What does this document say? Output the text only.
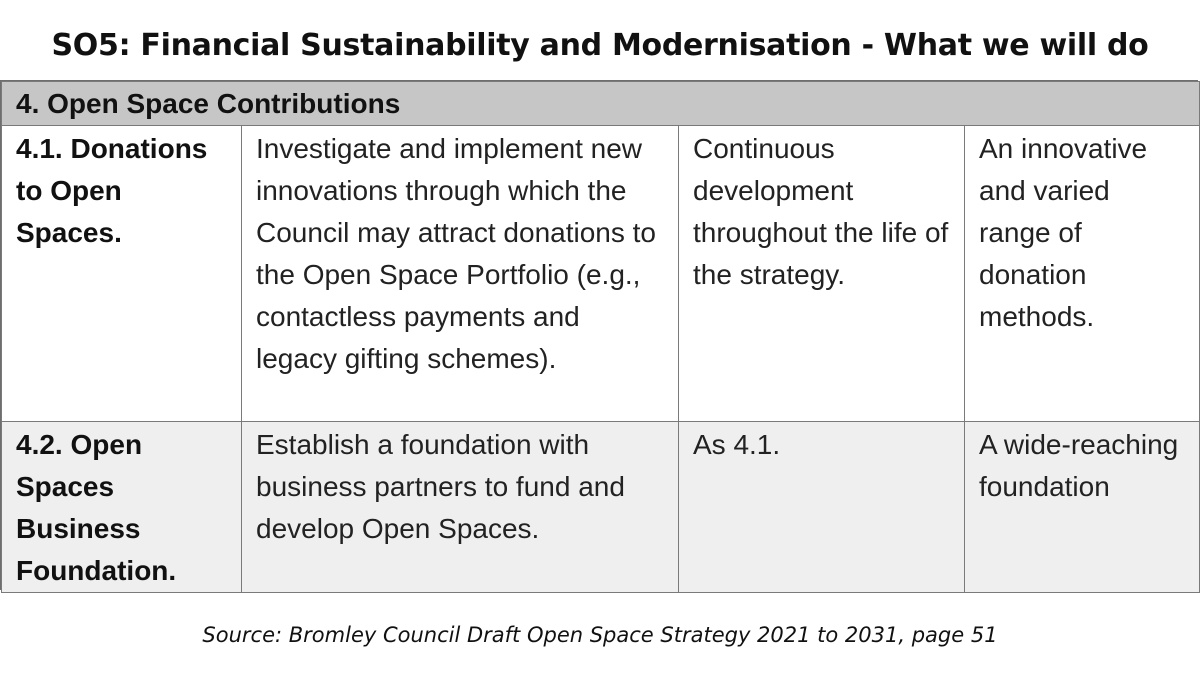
SO5: Financial Sustainability and Modernisation - What we will do
4. Open Space Contributions			
4.1. Donations to Open Spaces.	Investigate and implement new innovations through which the Council may attract donations to the Open Space Portfolio (e.g., contactless payments and legacy gifting schemes).	Continuous development throughout the life of the strategy.	An innovative and varied range of donation methods.
4.2. Open Spaces Business Foundation.	Establish a foundation with business partners to fund and develop Open Spaces.	As 4.1.	A wide-reaching foundation
Source: Bromley Council Draft Open Space Strategy 2021 to 2031, page 51
